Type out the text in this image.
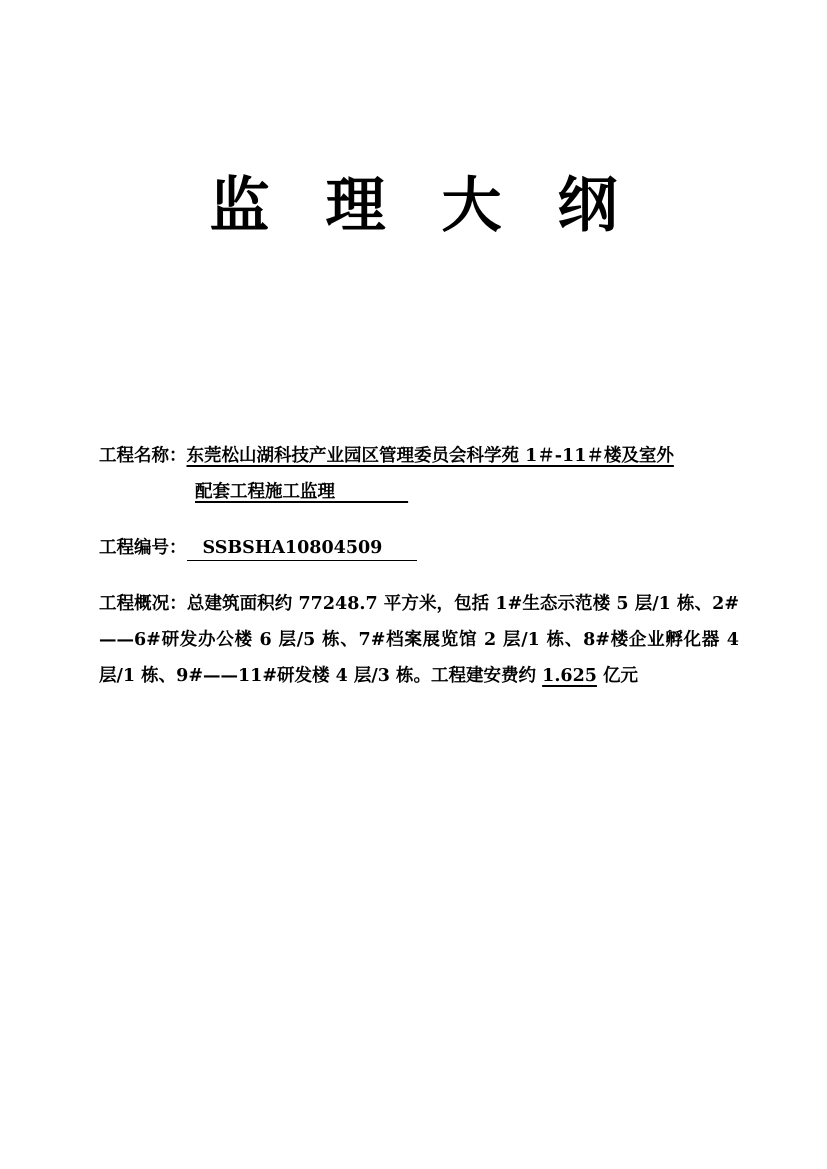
监 理 大 纲
工程名称：东莞松山湖科技产业园区管理委员会科学苑 1＃-11＃楼及室外
配套工程施工监理
工程编号： SSBSHA10804509
工程概况：总建筑面积约 77248.7 平方米，包括 1#生态示范楼 5 层/1 栋、2#——6#研发办公楼 6 层/5 栋、7#档案展览馆 2 层/1 栋、8#楼企业孵化器 4 层/1 栋、9#——11#研发楼 4 层/3 栋。工程建安费约 1.625 亿元
